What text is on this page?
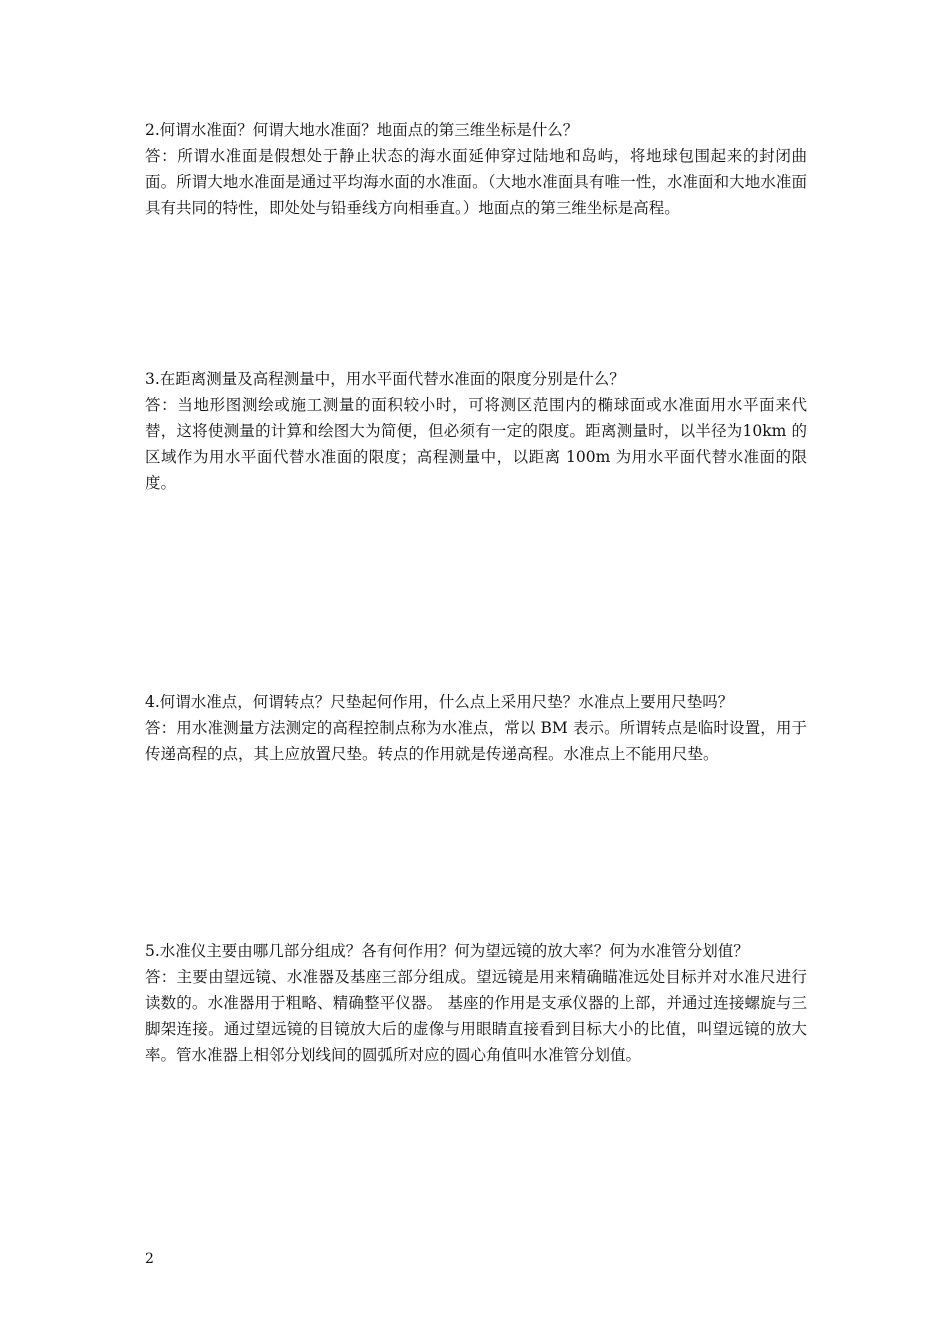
2.何谓水准面？何谓大地水准面？地面点的第三维坐标是什么？

答：所谓水准面是假想处于静止状态的海水面延伸穿过陆地和岛屿，将地球包围起来的封闭曲面。所谓大地水准面是通过平均海水面的水准面。（大地水准面具有唯一性，水准面和大地水准面具有共同的特性，即处处与铅垂线方向相垂直。）地面点的第三维坐标是高程。

3.在距离测量及高程测量中，用水平面代替水准面的限度分别是什么？

答：当地形图测绘或施工测量的面积较小时，可将测区范围内的椭球面或水准面用水平面来代替，这将使测量的计算和绘图大为简便，但必须有一定的限度。距离测量时，以半径为10km 的区域作为用水平面代替水准面的限度；高程测量中，以距离 100m 为用水平面代替水准面的限度。

4.何谓水准点，何谓转点？尺垫起何作用，什么点上采用尺垫？水准点上要用尺垫吗？

答：用水准测量方法测定的高程控制点称为水准点，常以 BM 表示。所谓转点是临时设置，用于传递高程的点，其上应放置尺垫。转点的作用就是传递高程。水准点上不能用尺垫。

5.水准仪主要由哪几部分组成？各有何作用？何为望远镜的放大率？何为水准管分划值？

答：主要由望远镜、水准器及基座三部分组成。望远镜是用来精确瞄准远处目标并对水准尺进行读数的。水准器用于粗略、精确整平仪器。 基座的作用是支承仪器的上部，并通过连接螺旋与三脚架连接。通过望远镜的目镜放大后的虚像与用眼睛直接看到目标大小的比值，叫望远镜的放大率。管水准器上相邻分划线间的圆弧所对应的圆心角值叫水准管分划值。

2
